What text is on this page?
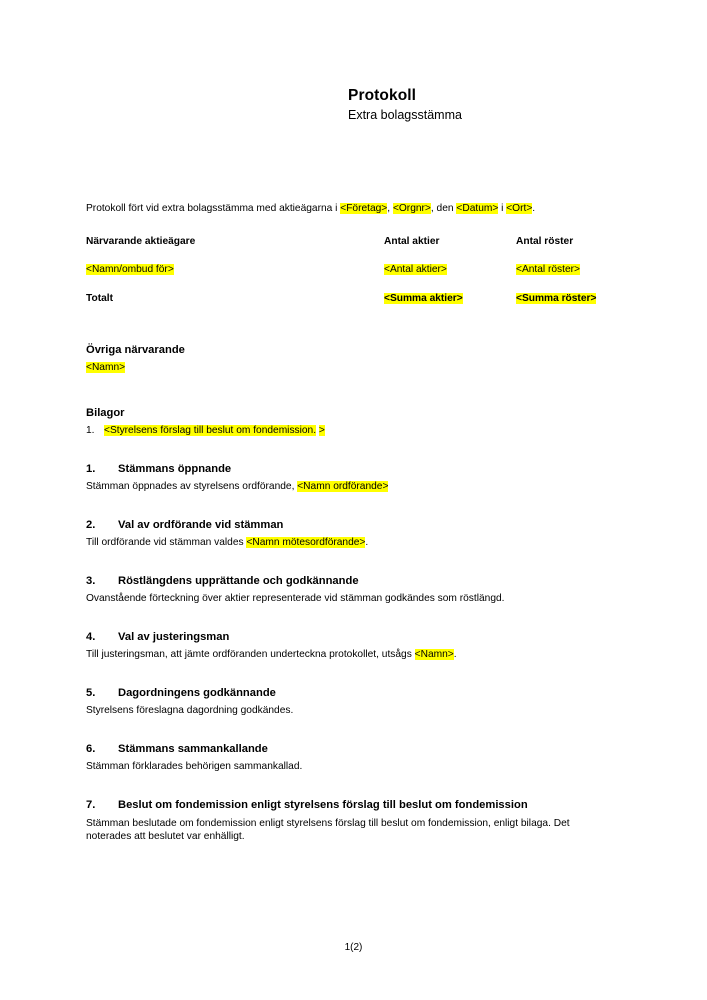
Protokoll
Extra bolagsstämma

Protokoll fört vid extra bolagsstämma med aktieägarna i <Företag>, <Orgnr>, den <Datum> i <Ort>.

Närvarande aktieägare	Antal aktier	Antal röster
<Namn/ombud för>	<Antal aktier>	<Antal röster>
Totalt	<Summa aktier>	<Summa röster>
Övriga närvarande

<Namn>

Bilagor
1. <Styrelsens förslag till beslut om fondemission. >
1.	Stämmans öppnande

Stämman öppnades av styrelsens ordförande, <Namn ordförande>

2.	Val av ordförande vid stämman

Till ordförande vid stämman valdes <Namn mötesordförande>.

3.	Röstlängdens upprättande och godkännande

Ovanstående förteckning över aktier representerade vid stämman godkändes som röstlängd.

4.	Val av justeringsman

Till justeringsman, att jämte ordföranden underteckna protokollet, utsågs <Namn>.

5.	Dagordningens godkännande

Styrelsens föreslagna dagordning godkändes.

6.	Stämmans sammankallande

Stämman förklarades behörigen sammankallad.

7.	Beslut om fondemission enligt styrelsens förslag till beslut om fondemission

Stämman beslutade om fondemission enligt styrelsens förslag till beslut om fondemission, enligt bilaga. Det noterades att beslutet var enhälligt.

1(2)
